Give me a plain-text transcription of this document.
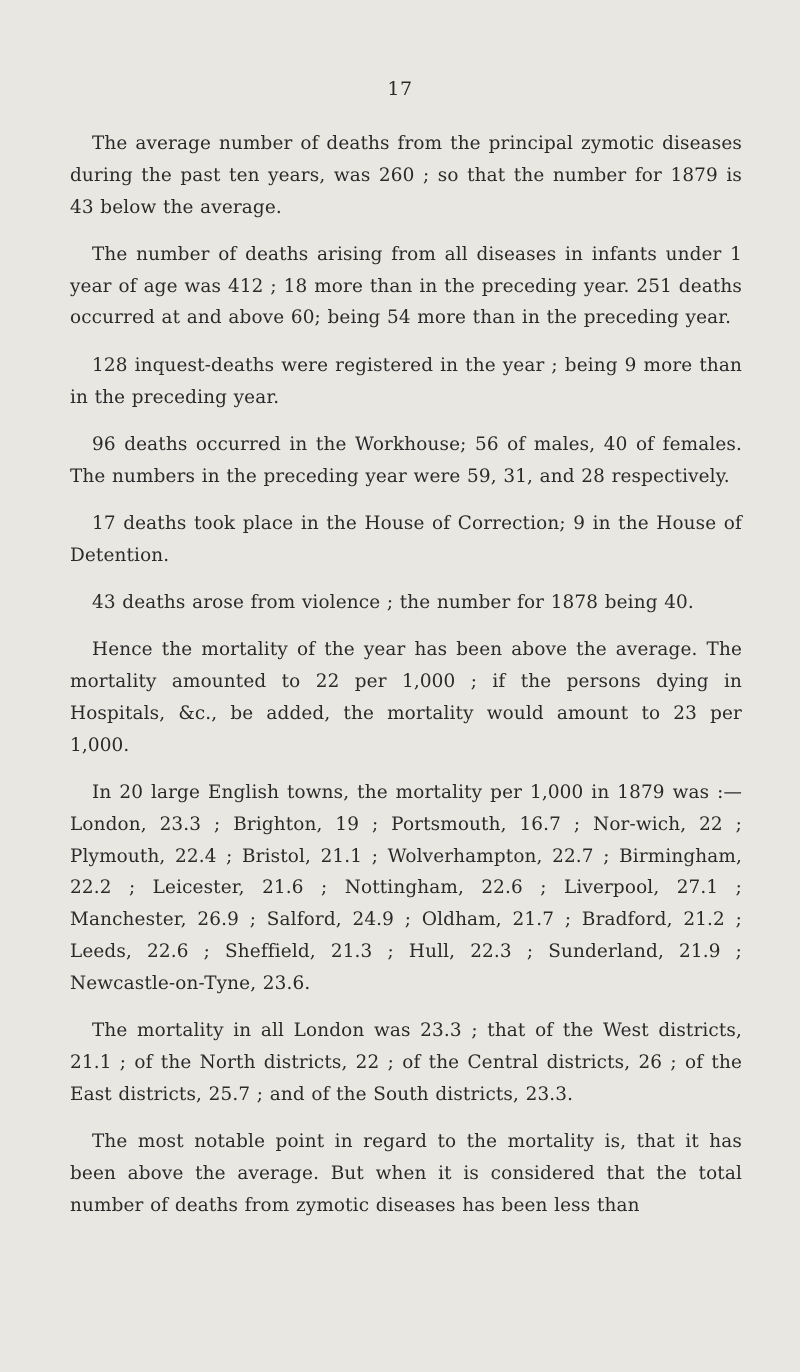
17

The average number of deaths from the principal zymotic diseases during the past ten years, was 260 ; so that the number for 1879 is 43 below the average.

The number of deaths arising from all diseases in infants under 1 year of age was 412 ; 18 more than in the preceding year. 251 deaths occurred at and above 60; being 54 more than in the preceding year.

128 inquest-deaths were registered in the year ; being 9 more than in the preceding year.

96 deaths occurred in the Workhouse; 56 of males, 40 of females. The numbers in the preceding year were 59, 31, and 28 respectively.

17 deaths took place in the House of Correction; 9 in the House of Detention.

43 deaths arose from violence ; the number for 1878 being 40.

Hence the mortality of the year has been above the average. The mortality amounted to 22 per 1,000 ; if the persons dying in Hospitals, &c., be added, the mortality would amount to 23 per 1,000.

In 20 large English towns, the mortality per 1,000 in 1879 was :—London, 23.3 ; Brighton, 19 ; Portsmouth, 16.7 ; Nor-wich, 22 ; Plymouth, 22.4 ; Bristol, 21.1 ; Wolverhampton, 22.7 ; Birmingham, 22.2 ; Leicester, 21.6 ; Nottingham, 22.6 ; Liverpool, 27.1 ; Manchester, 26.9 ; Salford, 24.9 ; Oldham, 21.7 ; Bradford, 21.2 ; Leeds, 22.6 ; Sheffield, 21.3 ; Hull, 22.3 ; Sunderland, 21.9 ; Newcastle-on-Tyne, 23.6.

The mortality in all London was 23.3 ; that of the West districts, 21.1 ; of the North districts, 22 ; of the Central districts, 26 ; of the East districts, 25.7 ; and of the South districts, 23.3.

The most notable point in regard to the mortality is, that it has been above the average. But when it is considered that the total number of deaths from zymotic diseases has been less than
